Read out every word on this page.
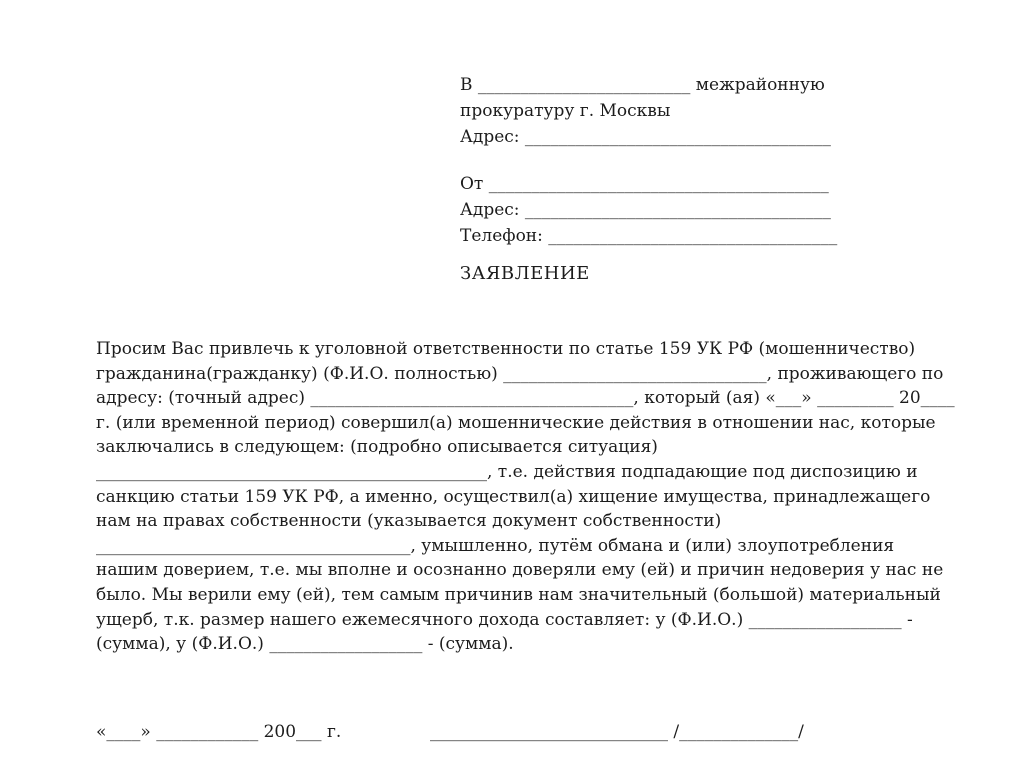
В _________________________ межрайонную
прокуратуру г. Москвы
Адрес: ____________________________________
От ________________________________________
Адрес: ____________________________________
Телефон: __________________________________
ЗАЯВЛЕНИЕ
Просим Вас привлечь к уголовной ответственности по статье 159 УК РФ (мошенничество)
гражданина(гражданку) (Ф.И.О. полностью) _______________________________, проживающего по
адресу: (точный адрес) ______________________________________, который (ая) «___» _________ 20____
г. (или временной период) совершил(а) мошеннические действия в отношении нас, которые
заключались в следующем: (подробно описывается ситуация)
______________________________________________, т.е. действия подпадающие под диспозицию и
санкцию статьи 159 УК РФ, а именно, осуществил(а) хищение имущества, принадлежащего
нам на правах собственности (указывается документ собственности)
_____________________________________, умышленно, путём обмана и (или) злоупотребления
нашим доверием, т.е. мы вполне и осознанно доверяли ему (ей) и причин недоверия у нас не
было. Мы верили ему (ей), тем самым причинив нам значительный (большой) материальный
ущерб, т.к. размер нашего ежемесячного дохода составляет: у (Ф.И.О.) __________________ -
(сумма), у (Ф.И.О.) __________________ - (сумма).
«____» ____________ 200___ г.	____________________________ /______________/
